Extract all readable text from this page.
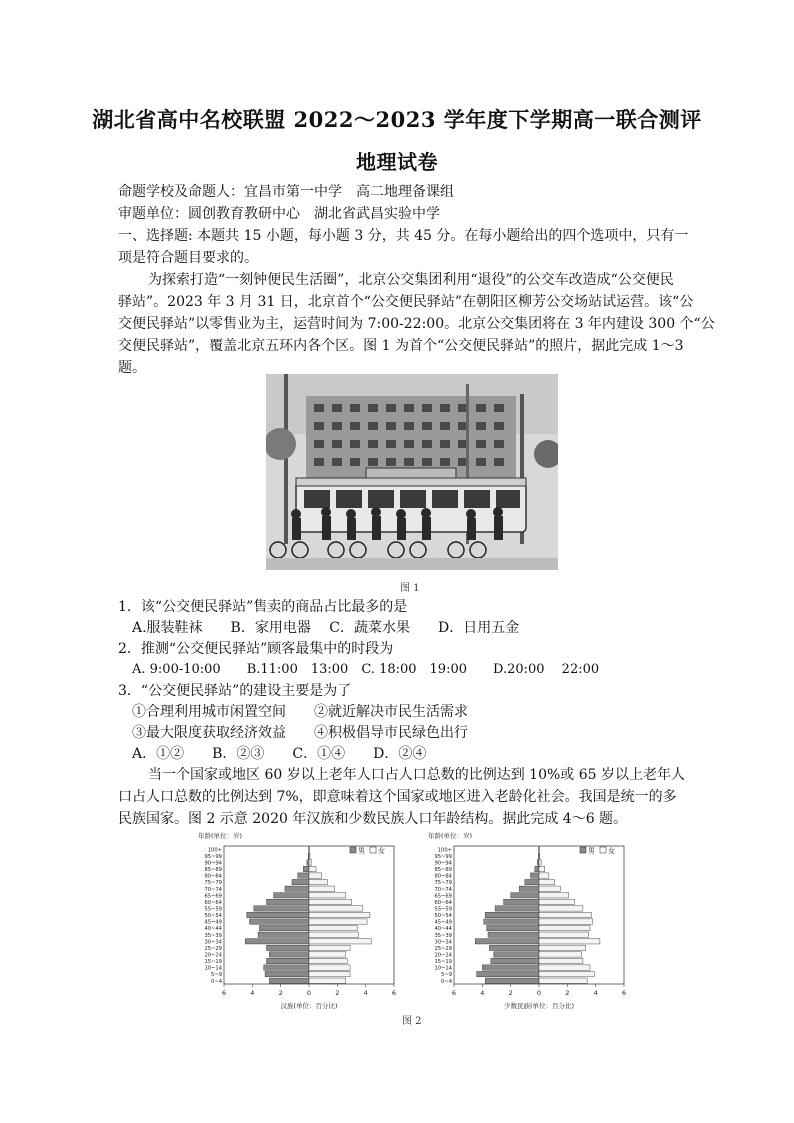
湖北省高中名校联盟 2022～2023 学年度下学期高一联合测评
地理试卷
命题学校及命题人：宜昌市第一中学　高二地理备课组
审题单位：圆创教育教研中心　湖北省武昌实验中学
一、选择题: 本题共 15 小题，每小题 3 分，共 45 分。在每小题给出的四个选项中，只有一
项是符合题目要求的。
为探索打造“一刻钟便民生活圈”，北京公交集团利用“退役”的公交车改造成“公交便民
驿站”。2023 年 3 月 31 日，北京首个“公交便民驿站”在朝阳区柳芳公交场站试运营。该“公
交便民驿站”以零售业为主，运营时间为 7:00-22:00。北京公交集团将在 3 年内建设 300 个“公
交便民驿站”，覆盖北京五环内各个区。图 1 为首个“公交便民驿站”的照片，据此完成 1～3
题。
图 1
1．该“公交便民驿站”售卖的商品占比最多的是
A.服装鞋袜　　B．家用电器　 C．蔬菜水果　　D．日用五金
2．推测“公交便民驿站”顾客最集中的时段为
A. 9:00-10:00　　B.11:00　13:00　C. 18:00　19:00　　D.20:00　 22:00
3．“公交便民驿站”的建设主要是为了
①合理利用城市闲置空间　　②就近解决市民生活需求
③最大限度获取经济效益　　④积极倡导市民绿色出行
A．①②　　B．②③　　C．①④　　D．②④
当一个国家或地区 60 岁以上老年人口占人口总数的比例达到 10%或 65 岁以上老年人
口占人口总数的比例达到 7%，即意味着这个国家或地区进入老龄化社会。我国是统一的多
民族国家。图 2 示意 2020 年汉族和少数民族人口年龄结构。据此完成 4～6 题。
年龄(单位：岁)
男 女
0~4
5~9
10~14
15~19
20~24
25~29
30~34
35~39
40~44
45~49
50~54
55~59
60~64
65~69
70~74
75~79
80~84
85~89
90~94
95~99
100+
6	4	2	0	2	4	6
汉族(单位：百分比)
年龄(单位：岁)
男 女
0~4
5~9
10~14
15~19
20~24
25~29
30~34
35~39
40~44
45~49
50~54
55~59
60~64
65~69
70~74
75~79
80~84
85~89
90~94
95~99
100+
6	4	2	0	2	4	6
少数民族(单位：百分比)
图 2
